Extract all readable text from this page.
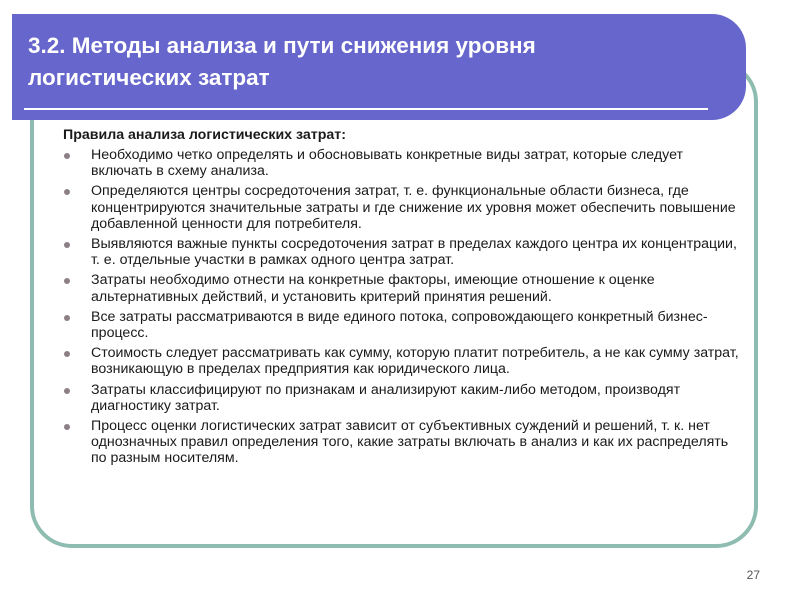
3.2. Методы анализа и пути снижения уровня логистических затрат

Правила анализа логистических затрат:

Необходимо четко определять и обосновывать конкретные виды затрат, которые следует включать в схему анализа.
Определяются центры сосредоточения затрат, т. е. функциональные области бизнеса, где концентрируются значительные затраты и где снижение их уровня может обеспечить повышение добавленной ценности для потребителя.
Выявляются важные пункты сосредоточения затрат в пределах каждого центра их концентрации, т. е. отдельные участки в рамках одного центра затрат.
Затраты необходимо отнести на конкретные факторы, имеющие отношение к оценке альтернативных действий, и установить критерий принятия решений.
Все затраты рассматриваются в виде единого потока, сопровождающего конкретный бизнес-процесс.
Стоимость следует рассматривать как сумму, которую платит потребитель, а не как сумму затрат, возникающую в пределах предприятия как юридического лица.
Затраты классифицируют по признакам и анализируют каким-либо методом, производят диагностику затрат.
Процесс оценки логистических затрат зависит от субъективных суждений и решений, т. к. нет однозначных правил определения того, какие затраты включать в анализ и как их распределять по разным носителям.
27
